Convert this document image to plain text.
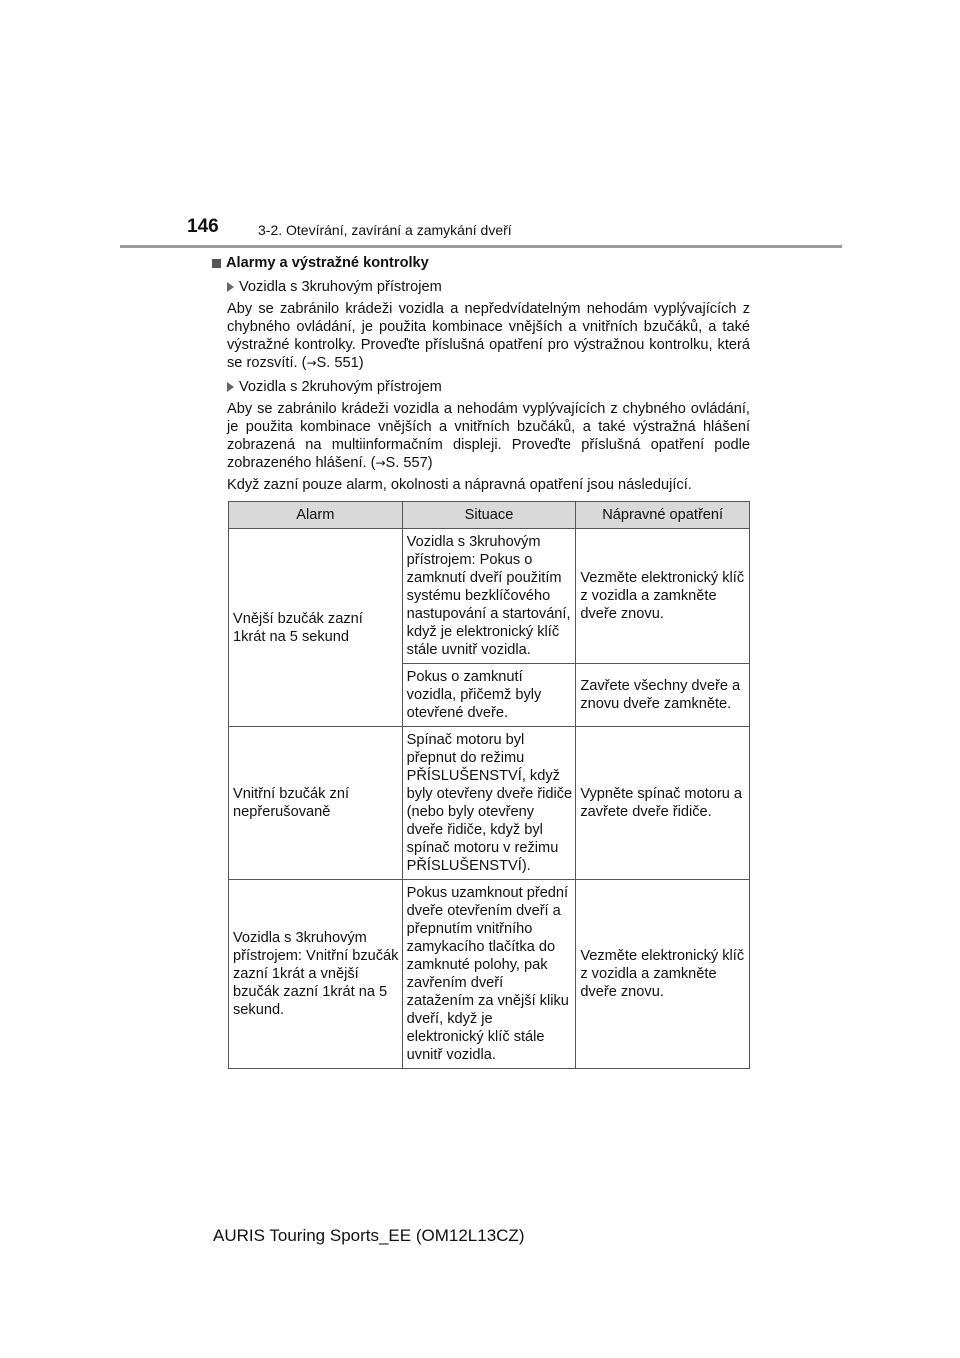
146	3-2. Otevírání, zavírání a zamykání dveří
Alarmy a výstražné kontrolky
Vozidla s 3kruhovým přístrojem
Aby se zabránilo krádeži vozidla a nepředvídatelným nehodám vyplývajících z chybného ovládání, je použita kombinace vnějších a vnitřních bzučáků, a také výstražné kontrolky. Proveďte příslušná opatření pro výstražnou kontrolku, která se rozsvítí. (→S. 551)
Vozidla s 2kruhovým přístrojem
Aby se zabránilo krádeži vozidla a nehodám vyplývajících z chybného ovládání, je použita kombinace vnějších a vnitřních bzučáků, a také výstražná hlášení zobrazená na multiinformačním displeji. Proveďte příslušná opatření podle zobrazeného hlášení. (→S. 557)
Když zazní pouze alarm, okolnosti a nápravná opatření jsou následující.
Alarm	Situace	Nápravné opatření
Vnější bzučák zazní 1krát na 5 sekund	Vozidla s 3kruhovým přístrojem: Pokus o zamknutí dveří použitím systému bezklíčového nastupování a startování, když je elektronický klíč stále uvnitř vozidla.	Vezměte elektronický klíč z vozidla a zamkněte dveře znovu.
	Pokus o zamknutí vozidla, přičemž byly otevřené dveře.	Zavřete všechny dveře a znovu dveře zamkněte.
Vnitřní bzučák zní nepřerušovaně	Spínač motoru byl přepnut do režimu PŘÍSLUŠENSTVÍ, když byly otevřeny dveře řidiče (nebo byly otevřeny dveře řidiče, když byl spínač motoru v režimu PŘÍSLUŠENSTVÍ).	Vypněte spínač motoru a zavřete dveře řidiče.
Vozidla s 3kruhovým přístrojem: Vnitřní bzučák zazní 1krát a vnější bzučák zazní 1krát na 5 sekund.	Pokus uzamknout přední dveře otevřením dveří a přepnutím vnitřního zamykacího tlačítka do zamknuté polohy, pak zavřením dveří zatažením za vnější kliku dveří, když je elektronický klíč stále uvnitř vozidla.	Vezměte elektronický klíč z vozidla a zamkněte dveře znovu.
AURIS Touring Sports_EE (OM12L13CZ)
